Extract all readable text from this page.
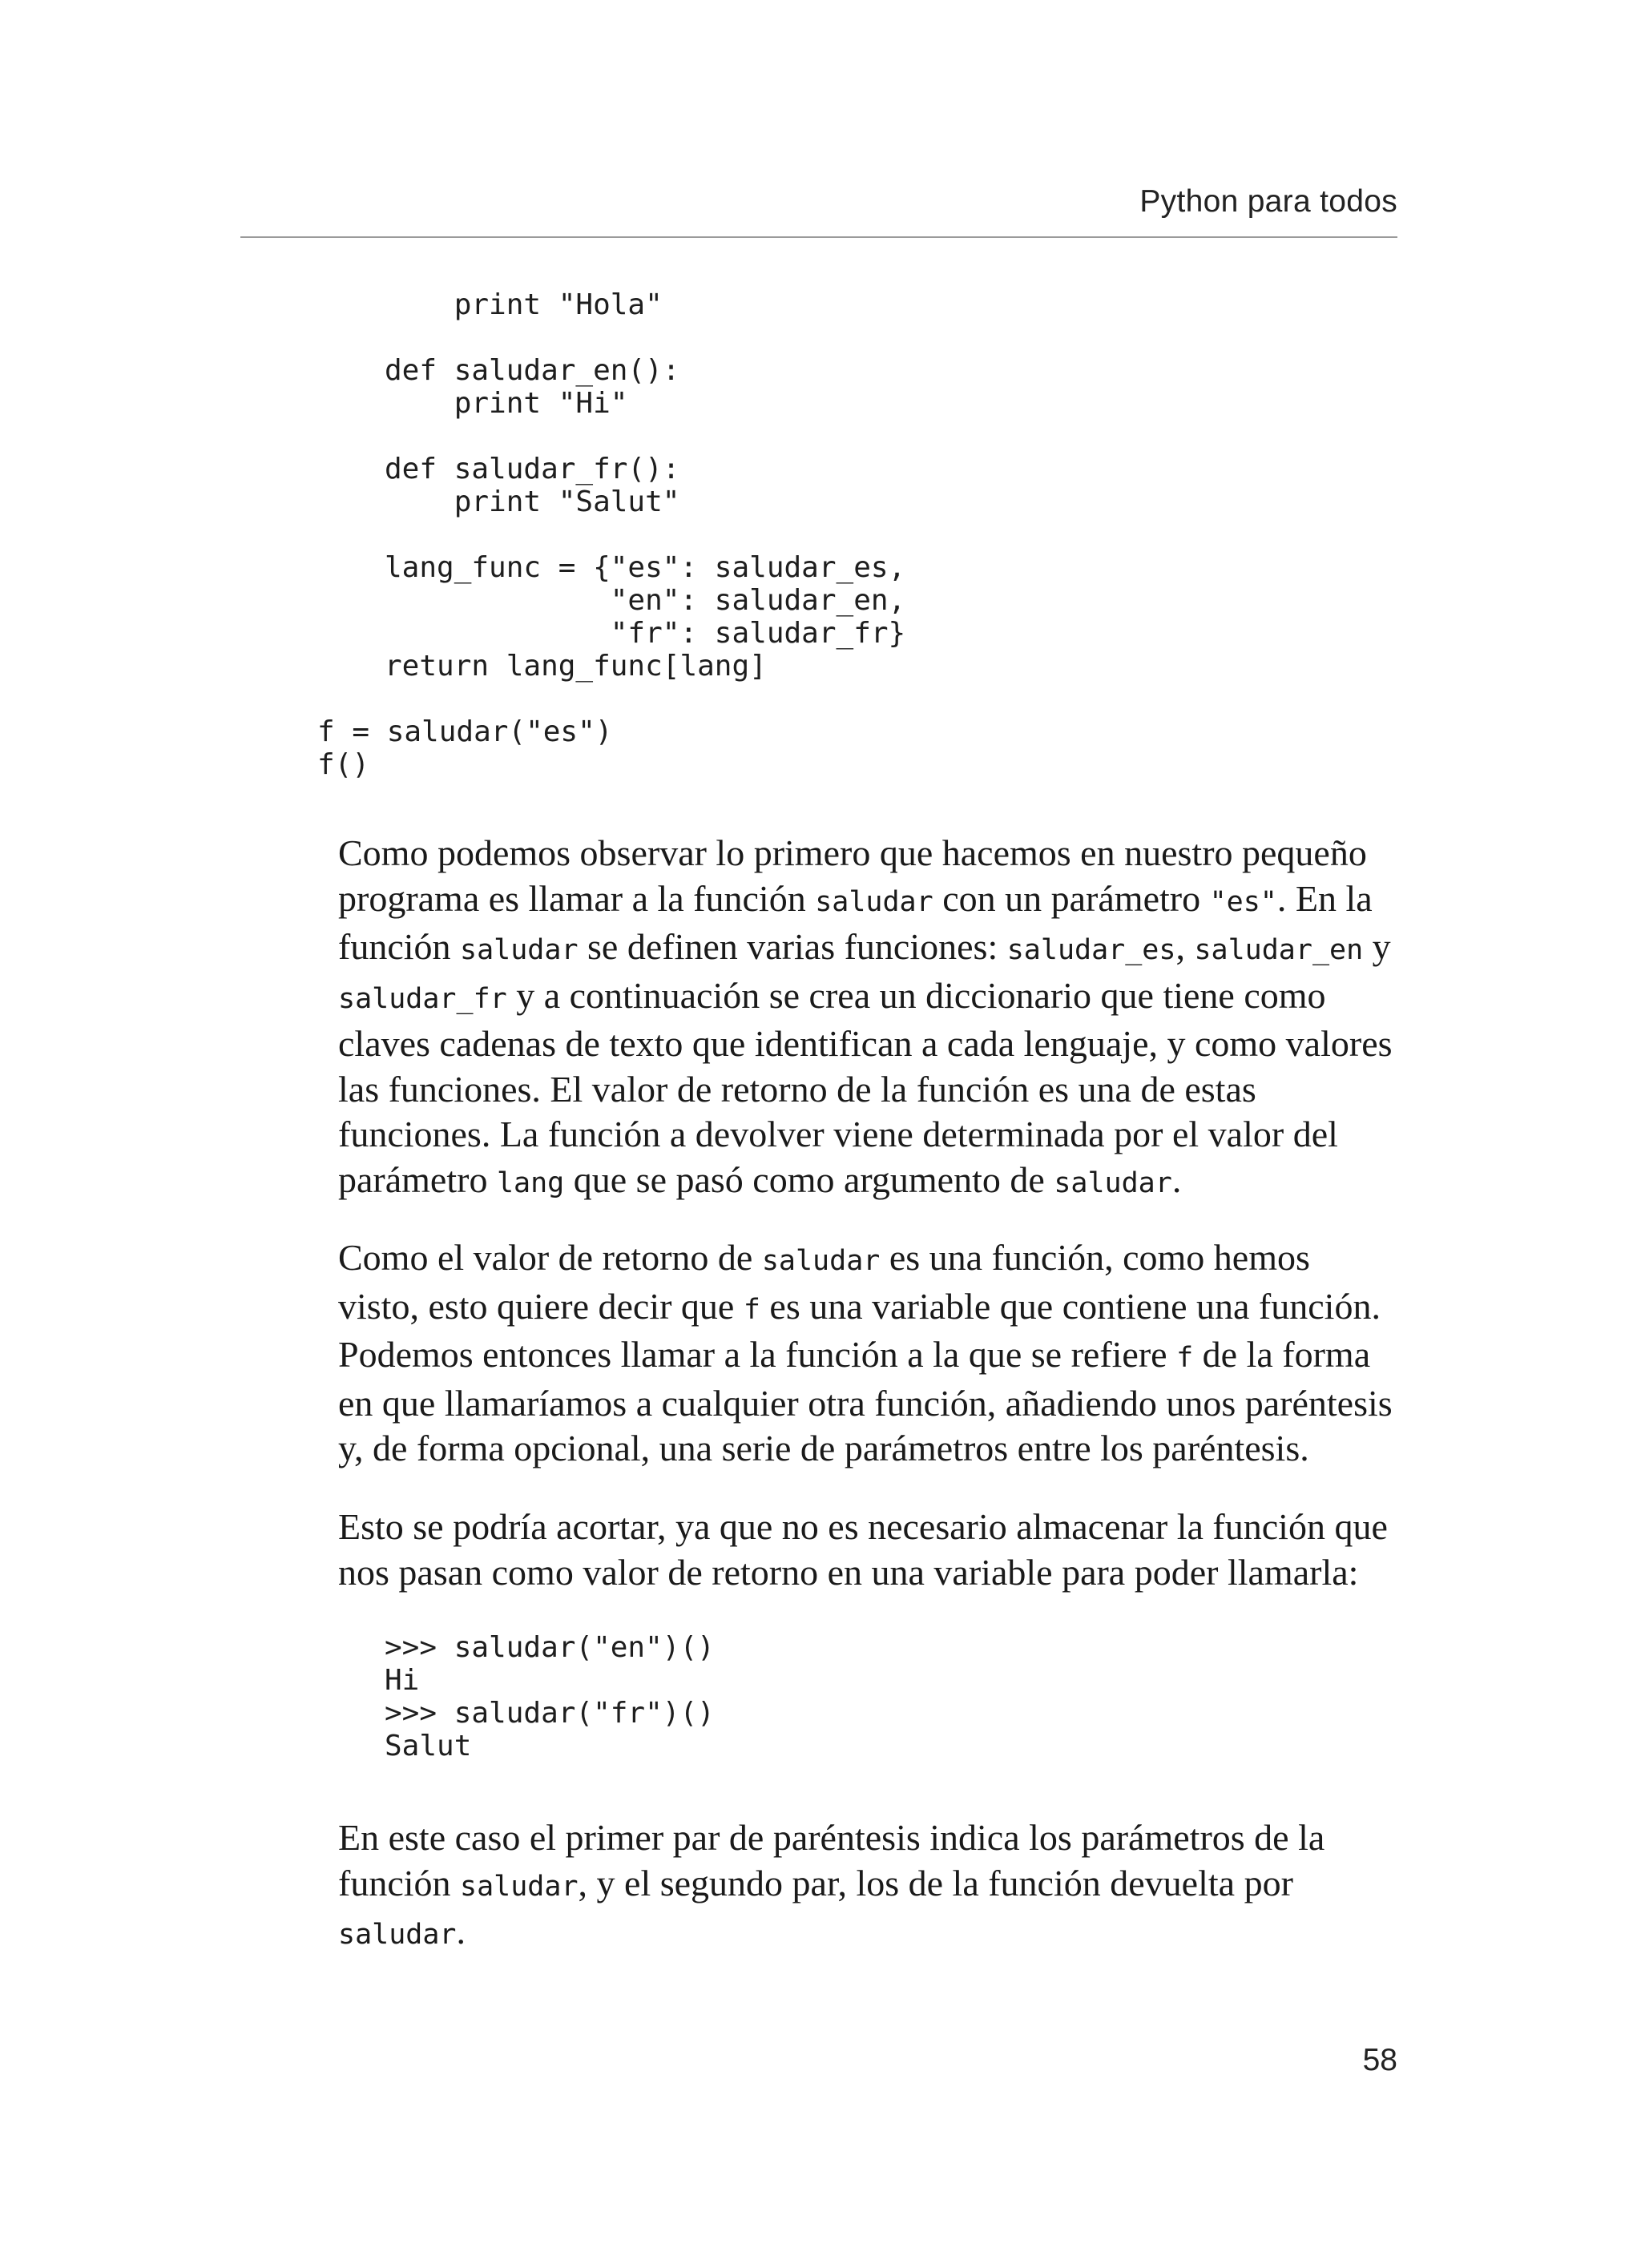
Python para todos
print "Hola"

def saludar_en():
print "Hi"

def saludar_fr():
print "Salut"

lang_func = {"es": saludar_es,
"en": saludar_en,
"fr": saludar_fr}
return lang_func[lang]

f = saludar("es")
f()

Como podemos observar lo primero que hacemos en nuestro pequeño programa es llamar a la función saludar con un parámetro "es". En la función saludar se definen varias funciones: saludar_es, saludar_en y saludar_fr y a continuación se crea un diccionario que tiene como claves cadenas de texto que identifican a cada lenguaje, y como valores las funciones. El valor de retorno de la función es una de estas funciones. La función a devolver viene determinada por el valor del parámetro lang que se pasó como argumento de saludar.

Como el valor de retorno de saludar es una función, como hemos visto, esto quiere decir que f es una variable que contiene una función. Podemos entonces llamar a la función a la que se refiere f de la forma en que llamaríamos a cualquier otra función, añadiendo unos paréntesis y, de forma opcional, una serie de parámetros entre los paréntesis.

Esto se podría acortar, ya que no es necesario almacenar la función que nos pasan como valor de retorno en una variable para poder llamarla:

>>> saludar("en")()
Hi
>>> saludar("fr")()
Salut

En este caso el primer par de paréntesis indica los parámetros de la función saludar, y el segundo par, los de la función devuelta por saludar.

58
